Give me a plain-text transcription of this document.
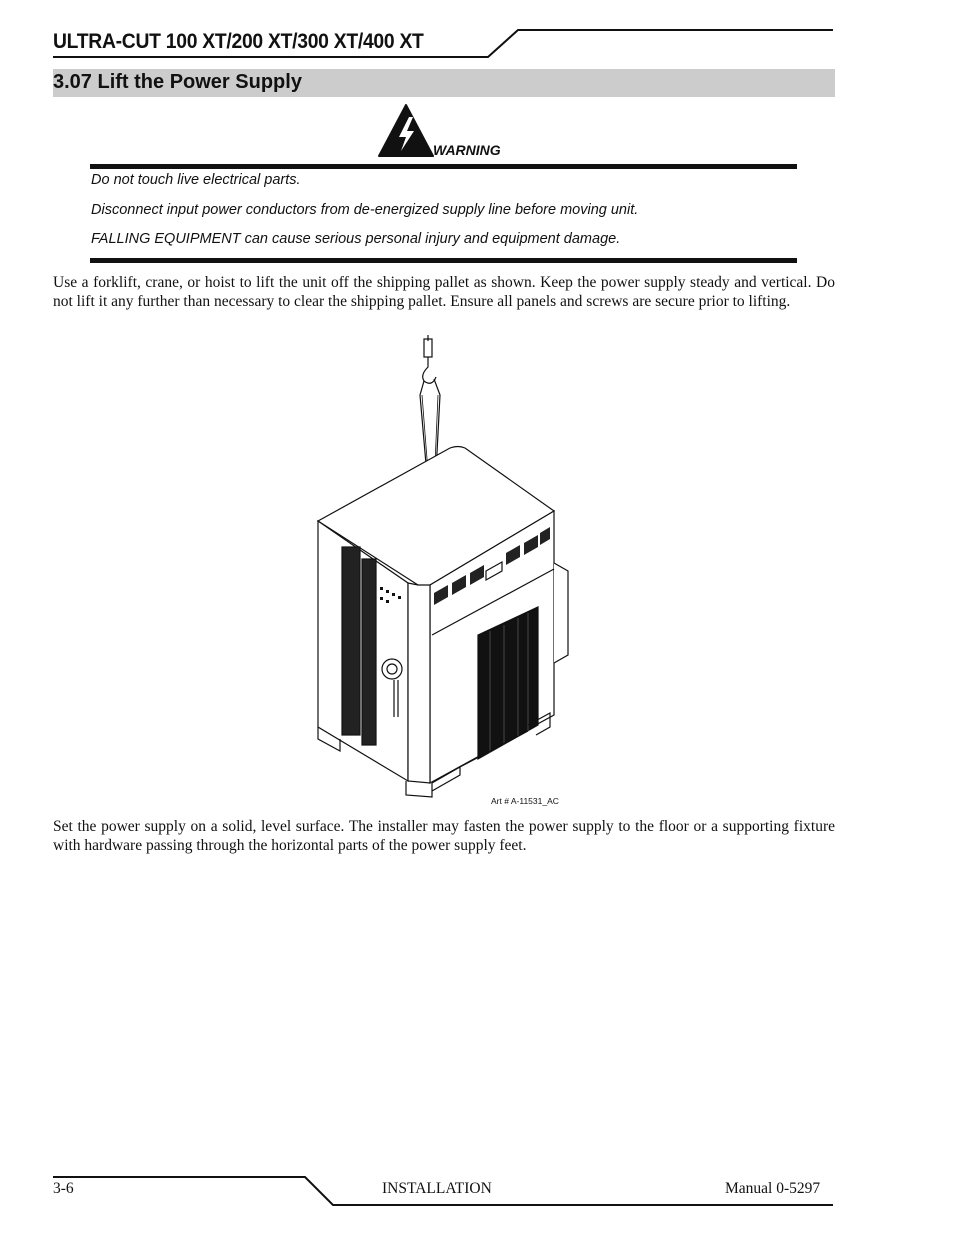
ULTRA-CUT 100 XT/200 XT/300 XT/400 XT
3.07 Lift the Power Supply
WARNING
Do not touch live electrical parts.
Disconnect input power conductors from de-energized supply line before moving unit.
FALLING EQUIPMENT can cause serious personal injury and equipment damage.
Use a forklift, crane, or hoist to lift the unit off the shipping pallet as shown. Keep the power supply steady and vertical. Do not lift it any further than necessary to clear the shipping pallet. Ensure all panels and screws are secure prior to lifting.
Art # A-11531_AC
Set the power supply on a solid, level surface. The installer may fasten the power supply to the floor or a supporting fixture with hardware passing through the horizontal parts of the power supply feet.
3-6	INSTALLATION	Manual 0-5297
